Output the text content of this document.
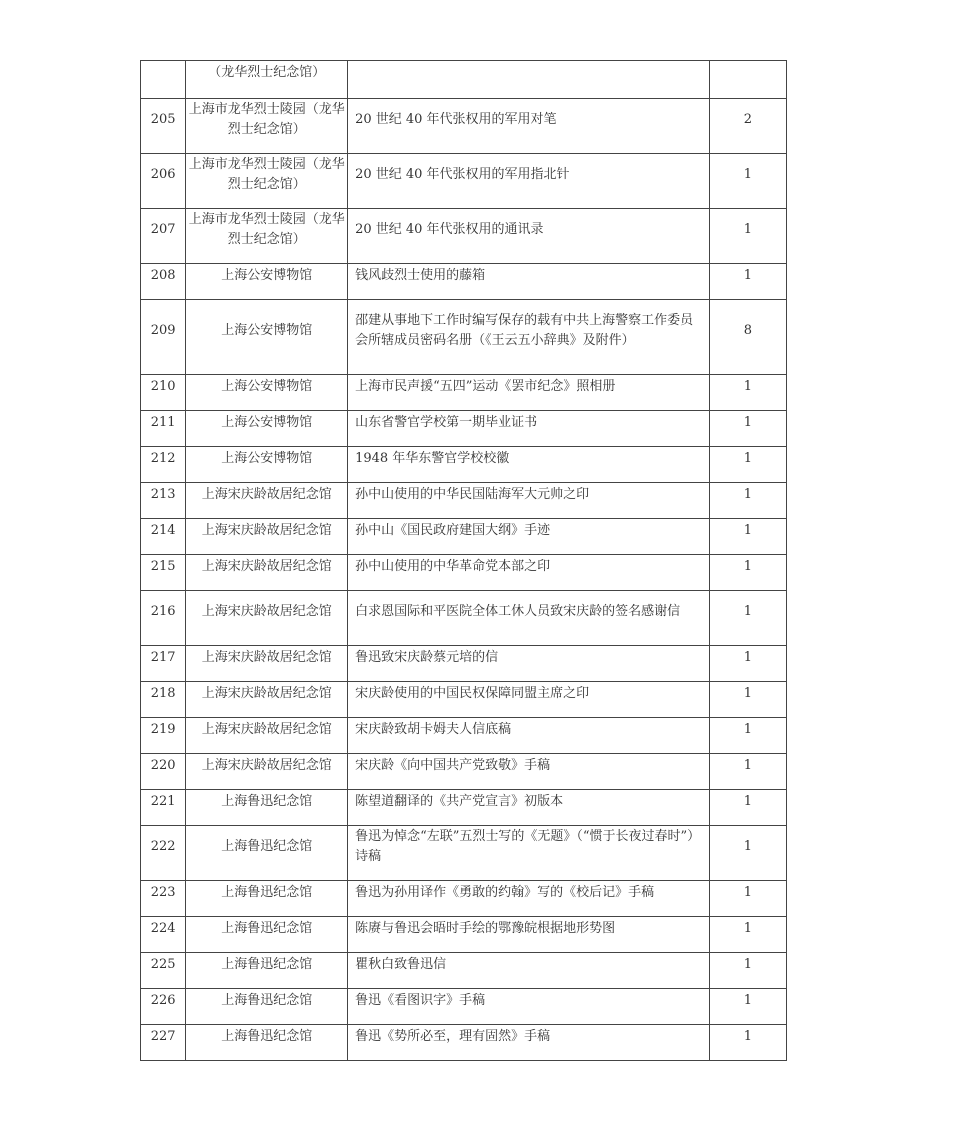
	（龙华烈士纪念馆）		
205	上海市龙华烈士陵园（龙华烈士纪念馆）	20 世纪 40 年代张权用的军用对笔	2
206	上海市龙华烈士陵园（龙华烈士纪念馆）	20 世纪 40 年代张权用的军用指北针	1
207	上海市龙华烈士陵园（龙华烈士纪念馆）	20 世纪 40 年代张权用的通讯录	1
208	上海公安博物馆	钱风歧烈士使用的藤箱	1
209	上海公安博物馆	邵建从事地下工作时编写保存的载有中共上海警察工作委员会所辖成员密码名册（《王云五小辞典》及附件）	8
210	上海公安博物馆	上海市民声援“五四”运动《罢市纪念》照相册	1
211	上海公安博物馆	山东省警官学校第一期毕业证书	1
212	上海公安博物馆	1948 年华东警官学校校徽	1
213	上海宋庆龄故居纪念馆	孙中山使用的中华民国陆海军大元帅之印	1
214	上海宋庆龄故居纪念馆	孙中山《国民政府建国大纲》手迹	1
215	上海宋庆龄故居纪念馆	孙中山使用的中华革命党本部之印	1
216	上海宋庆龄故居纪念馆	白求恩国际和平医院全体工休人员致宋庆龄的签名感谢信	1
217	上海宋庆龄故居纪念馆	鲁迅致宋庆龄蔡元培的信	1
218	上海宋庆龄故居纪念馆	宋庆龄使用的中国民权保障同盟主席之印	1
219	上海宋庆龄故居纪念馆	宋庆龄致胡卡姆夫人信底稿	1
220	上海宋庆龄故居纪念馆	宋庆龄《向中国共产党致敬》手稿	1
221	上海鲁迅纪念馆	陈望道翻译的《共产党宣言》初版本	1
222	上海鲁迅纪念馆	鲁迅为悼念“左联”五烈士写的《无题》（“惯于长夜过春时”）诗稿	1
223	上海鲁迅纪念馆	鲁迅为孙用译作《勇敢的约翰》写的《校后记》手稿	1
224	上海鲁迅纪念馆	陈赓与鲁迅会晤时手绘的鄂豫皖根据地形势图	1
225	上海鲁迅纪念馆	瞿秋白致鲁迅信	1
226	上海鲁迅纪念馆	鲁迅《看图识字》手稿	1
227	上海鲁迅纪念馆	鲁迅《势所必至，理有固然》手稿	1
